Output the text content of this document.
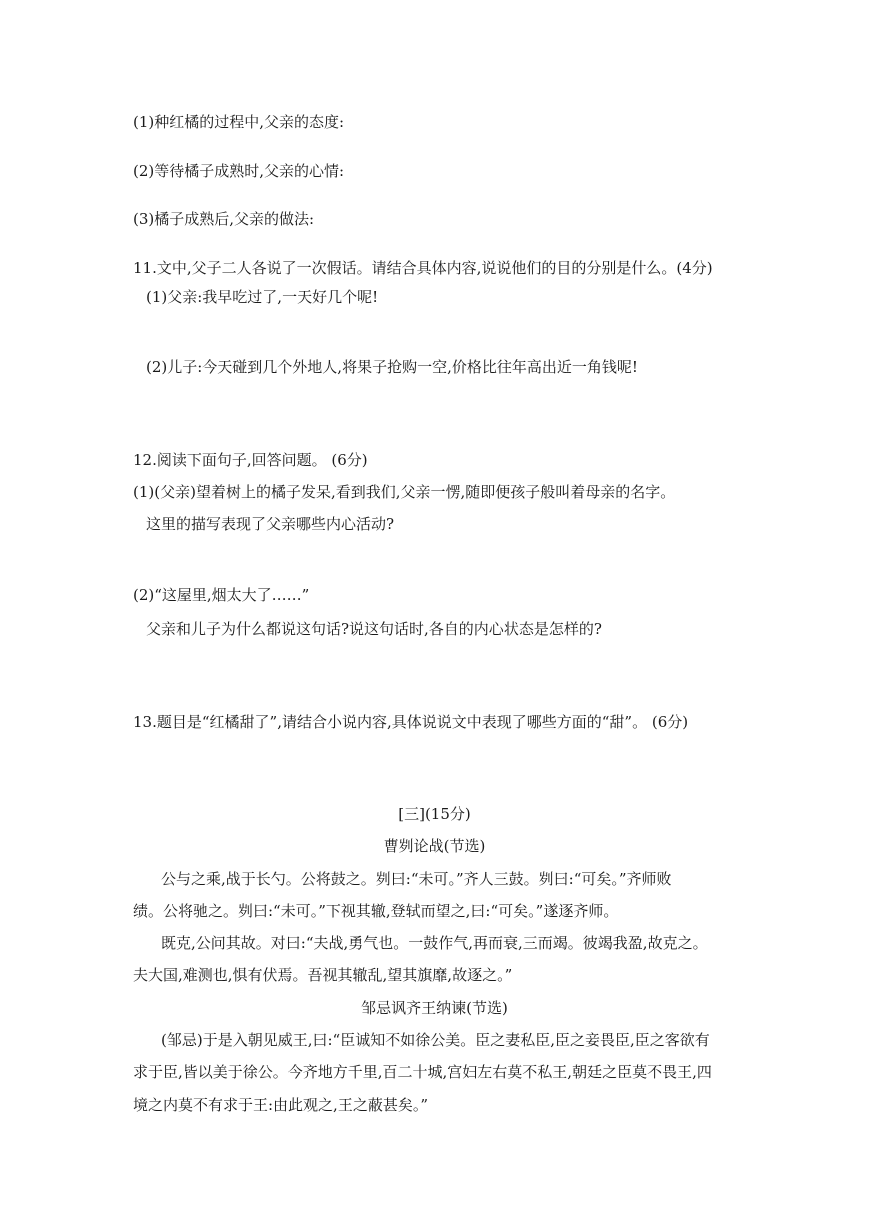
(1)种红橘的过程中,父亲的态度:
(2)等待橘子成熟时,父亲的心情:
(3)橘子成熟后,父亲的做法:
11.文中,父子二人各说了一次假话。请结合具体内容,说说他们的目的分别是什么。(4分)
(1)父亲:我早吃过了,一天好几个呢!
(2)儿子:今天碰到几个外地人,将果子抢购一空,价格比往年高出近一角钱呢!
12.阅读下面句子,回答问题。 (6分)
(1)(父亲)望着树上的橘子发呆,看到我们,父亲一愣,随即便孩子般叫着母亲的名字。
这里的描写表现了父亲哪些内心活动?
(2)“这屋里,烟太大了……”
父亲和儿子为什么都说这句话?说这句话时,各自的内心状态是怎样的?
13.题目是“红橘甜了”,请结合小说内容,具体说说文中表现了哪些方面的“甜”。 (6分)
[三](15分)
曹刿论战(节选)
公与之乘,战于长勺。公将鼓之。刿曰:“未可。”齐人三鼓。刿曰:“可矣。”齐师败
绩。公将驰之。刿曰:“未可。”下视其辙,登轼而望之,曰:“可矣。”遂逐齐师。
既克,公问其故。对曰:“夫战,勇气也。一鼓作气,再而衰,三而竭。彼竭我盈,故克之。
夫大国,难测也,惧有伏焉。吾视其辙乱,望其旗靡,故逐之。”
邹忌讽齐王纳谏(节选)
(邹忌)于是入朝见威王,曰:“臣诚知不如徐公美。臣之妻私臣,臣之妾畏臣,臣之客欲有
求于臣,皆以美于徐公。今齐地方千里,百二十城,宫妇左右莫不私王,朝廷之臣莫不畏王,四
境之内莫不有求于王:由此观之,王之蔽甚矣。”
